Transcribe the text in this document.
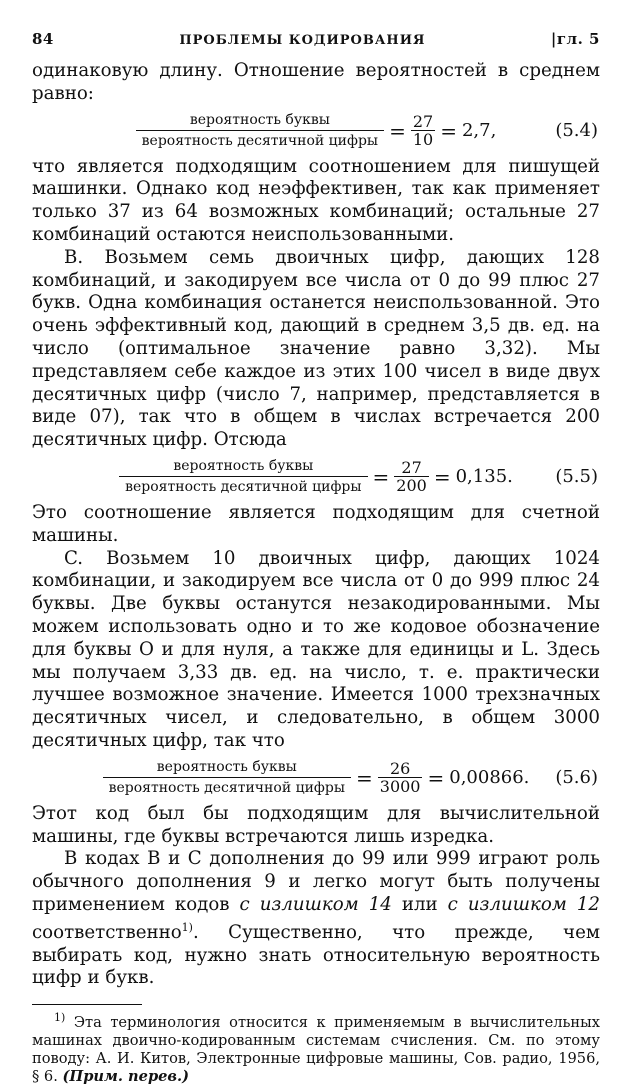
84	ПРОБЛЕМЫ КОДИРОВАНИЯ	|гл. 5

одинаковую длину. Отношение вероятностей в среднем равно:

$\frac{\text{вероятность буквы}}{\text{вероятность десятичной цифры}} = \frac{27}{10} = 2,7$,	(5.4)

что является подходящим соотношением для пишущей машинки. Однако код неэффективен, так как применяет только 37 из 64 возможных комбинаций; остальные 27 комбинаций остаются неиспользованными.

B. Возьмем семь двоичных цифр, дающих 128 комбинаций, и закодируем все числа от 0 до 99 плюс 27 букв. Одна комбинация останется неиспользованной. Это очень эффективный код, дающий в среднем 3,5 дв. ед. на число (оптимальное значение равно 3,32). Мы представляем себе каждое из этих 100 чисел в виде двух десятичных цифр (число 7, например, представляется в виде 07), так что в общем в числах встречается 200 десятичных цифр. Отсюда

$\frac{\text{вероятность буквы}}{\text{вероятность десятичной цифры}} = \frac{27}{200} = 0,135$. (5.5)

Это соотношение является подходящим для счетной машины.

C. Возьмем 10 двоичных цифр, дающих 1024 комбинации, и закодируем все числа от 0 до 999 плюс 24 буквы. Две буквы останутся незакодированными. Мы можем использовать одно и то же кодовое обозначение для буквы O и для нуля, а также для единицы и L. Здесь мы получаем 3,33 дв. ед. на число, т. е. практически лучшее возможное значение. Имеется 1000 трехзначных десятичных чисел, и следовательно, в общем 3000 десятичных цифр, так что

$\frac{\text{вероятность буквы}}{\text{вероятность десятичной цифры}} = \frac{26}{3000} = 0,00866$. (5.6)

Этот код был бы подходящим для вычислительной машины, где буквы встречаются лишь изредка.

В кодах B и C дополнения до 99 или 999 играют роль обычного дополнения 9 и легко могут быть получены применением кодов с излишком 14 или с излишком 12 соответственно$^{1)}$. Существенно, что прежде, чем выбирать код, нужно знать относительную вероятность цифр и букв.

$^{1)}$ Эта терминология относится к применяемым в вычислительных машинах двоично-кодированным системам счисления. См. по этому поводу: А. И. Китов, Электронные цифровые машины, Сов. радио, 1956, § 6. (Прим. перев.)
